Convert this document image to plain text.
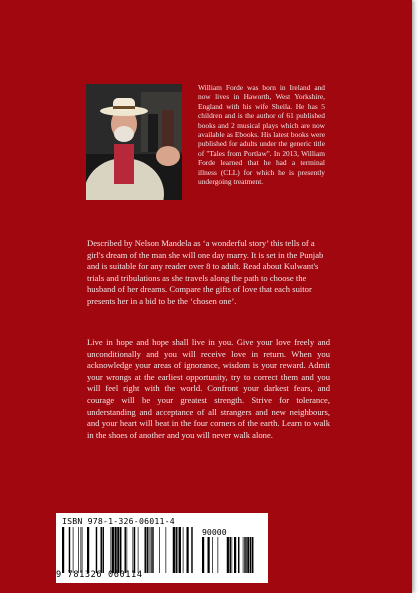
William Forde was born in Ireland and now lives in Haworth, West Yorkshire, England with his wife Sheila. He has 5 children and is the author of 61 published books and 2 musical plays which are now available as Ebooks. His latest books were published for adults under the generic title of "Tales from Portlaw". In 2013, William Forde learned that he had a terminal illness (CLL) for which he is presently undergoing treatment.

Described by Nelson Mandela as ‘a wonderful story’ this tells of a girl's dream of the man she will one day marry. It is set in the Punjab and is suitable for any reader over 8 to adult. Read about Kulwant's trials and tribulations as she travels along the path to choose the husband of her dreams. Compare the gifts of love that each suitor presents her in a bid to be the ‘chosen one’.

Live in hope and hope shall live in you. Give your love freely and unconditionally and you will receive love in return. When you acknowledge your areas of ignorance, wisdom is your reward. Admit your wrongs at the earliest opportunity, try to correct them and you will feel right with the world. Confront your darkest fears, and courage will be your greatest strength. Strive for tolerance, understanding and acceptance of all strangers and new neighbours, and your heart will beat in the four corners of the earth. Learn to walk in the shoes of another and you will never walk alone.

ISBN 978-1-326-06011-4
90000
9 781326 060114
